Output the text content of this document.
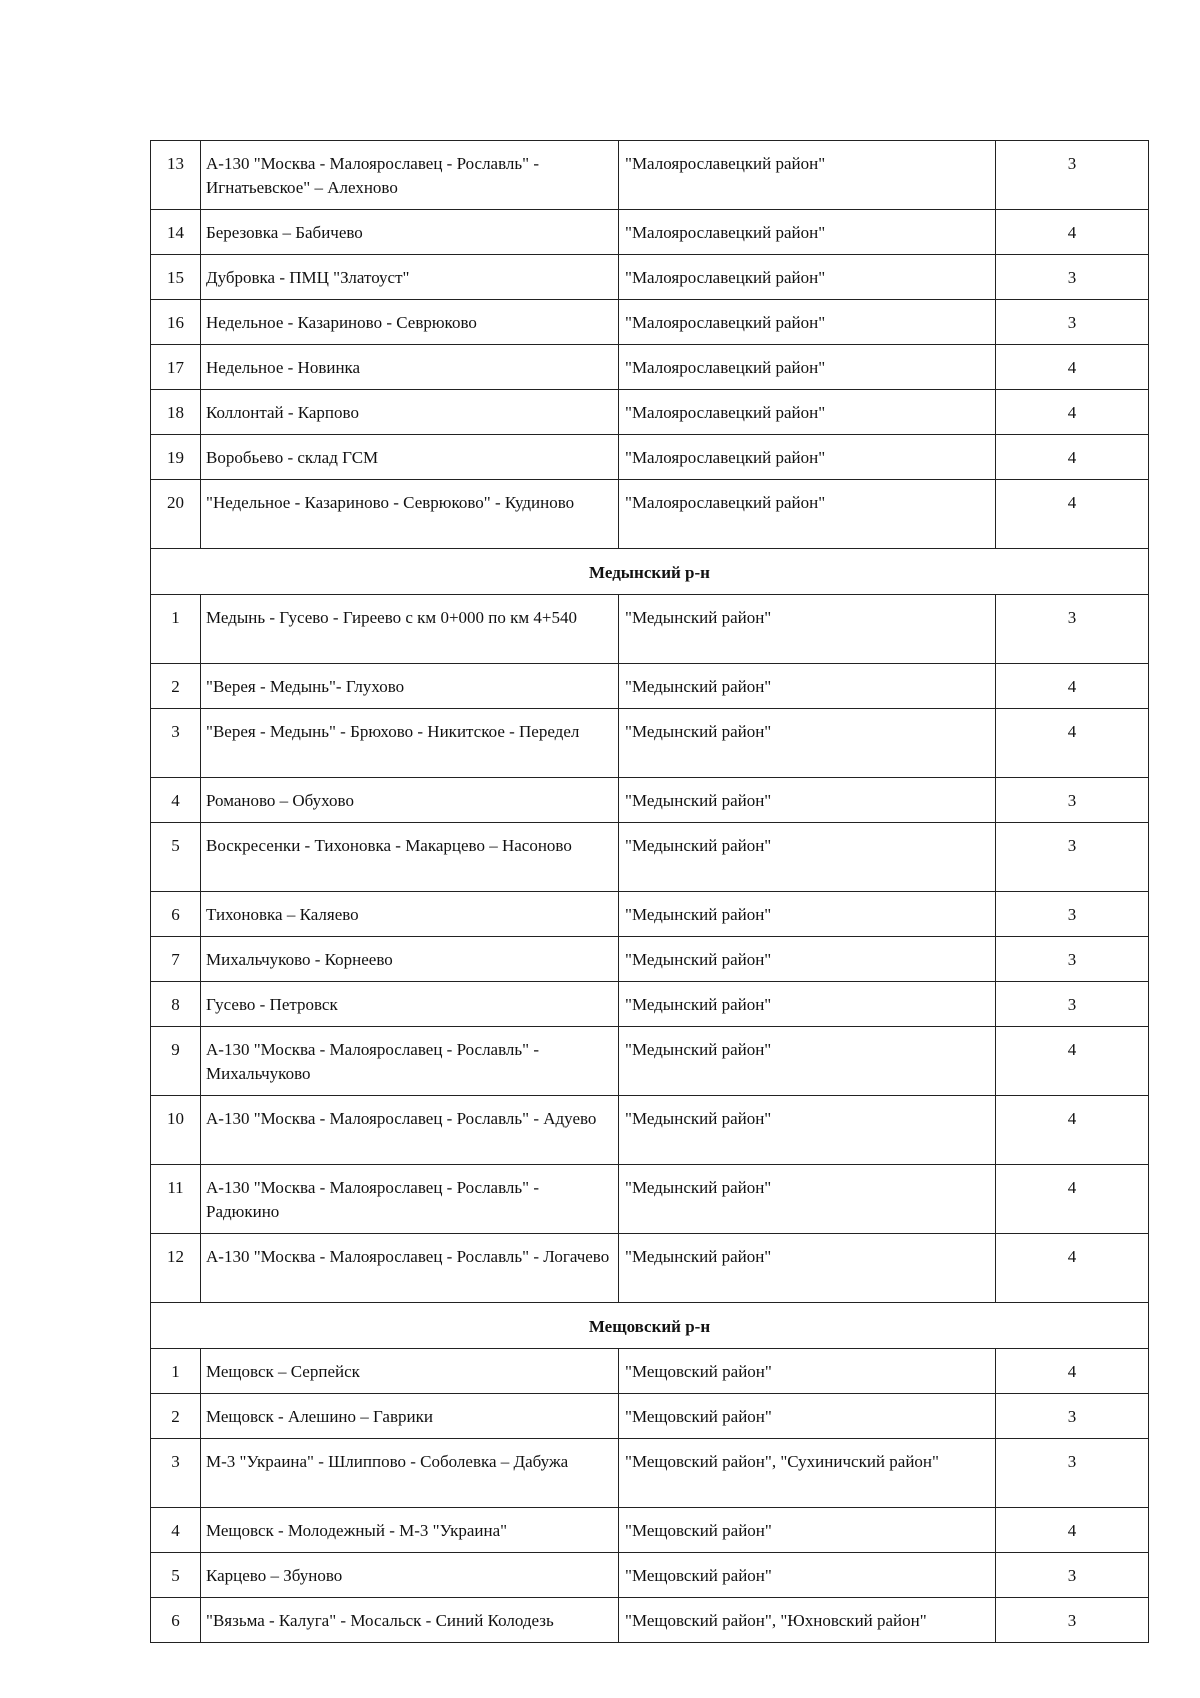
13	А-130 "Москва - Малоярославец - Рославль" - Игнатьевское" – Алехново	"Малоярославецкий район"	3
14	Березовка – Бабичево	"Малоярославецкий район"	4
15	Дубровка - ПМЦ "Златоуст"	"Малоярославецкий район"	3
16	Недельное - Казариново - Севрюково	"Малоярославецкий район"	3
17	Недельное - Новинка	"Малоярославецкий район"	4
18	Коллонтай - Карпово	"Малоярославецкий район"	4
19	Воробьево - склад ГСМ	"Малоярославецкий район"	4
20	"Недельное - Казариново - Севрюково" - Кудиново	"Малоярославецкий район"	4
Медынский р-н			
1	Медынь - Гусево - Гиреево с км 0+000 по км 4+540	"Медынский район"	3
2	"Верея - Медынь"- Глухово	"Медынский район"	4
3	"Верея - Медынь" - Брюхово - Никитское - Передел	"Медынский район"	4
4	Романово – Обухово	"Медынский район"	3
5	Воскресенки - Тихоновка - Макарцево – Насоново	"Медынский район"	3
6	Тихоновка – Каляево	"Медынский район"	3
7	Михальчуково - Корнеево	"Медынский район"	3
8	Гусево - Петровск	"Медынский район"	3
9	А-130 "Москва - Малоярославец - Рославль" - Михальчуково	"Медынский район"	4
10	А-130 "Москва - Малоярославец - Рославль" - Адуево	"Медынский район"	4
11	А-130 "Москва - Малоярославец - Рославль" - Радюкино	"Медынский район"	4
12	А-130 "Москва - Малоярославец - Рославль" - Логачево	"Медынский район"	4
Мещовский р-н			
1	Мещовск – Серпейск	"Мещовский район"	4
2	Мещовск - Алешино – Гаврики	"Мещовский район"	3
3	М-3 "Украина" - Шлиппово - Соболевка – Дабужа	"Мещовский район", "Сухиничский район"	3
4	Мещовск - Молодежный - М-3 "Украина"	"Мещовский район"	4
5	Карцево – Збуново	"Мещовский район"	3
6	"Вязьма - Калуга" - Мосальск - Синий Колодезь	"Мещовский район", "Юхновский район"	3
